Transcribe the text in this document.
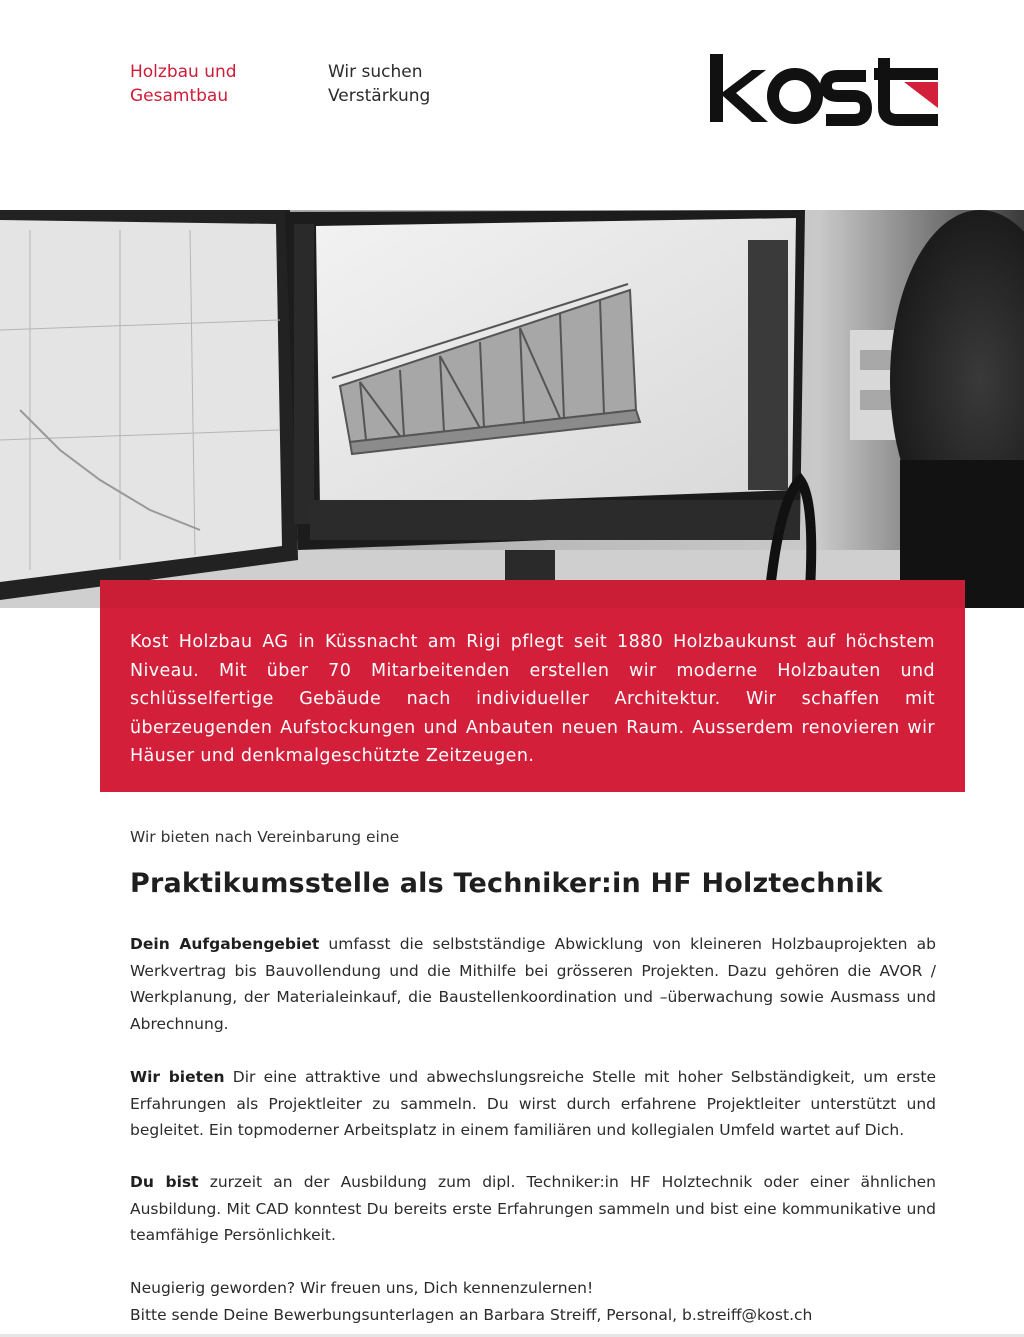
Holzbau und
Gesamtbau
Wir suchen
Verstärkung
Kost Holzbau AG in Küssnacht am Rigi pflegt seit 1880 Holzbaukunst auf höchstem Niveau. Mit über 70 Mitarbeitenden erstellen wir moderne Holzbauten und schlüsselfertige Gebäude nach individueller Architektur. Wir schaffen mit überzeugenden Aufstockungen und Anbauten neuen Raum. Ausserdem renovieren wir Häuser und denkmalgeschützte Zeitzeugen.
Wir bieten nach Vereinbarung eine
Praktikumsstelle als Techniker:in HF Holztechnik

Dein Aufgabengebiet umfasst die selbstständige Abwicklung von kleineren Holzbauprojekten ab Werkvertrag bis Bauvollendung und die Mithilfe bei grösseren Projekten. Dazu gehören die AVOR / Werkplanung, der Materialeinkauf, die Baustellenkoordination und –überwachung sowie Ausmass und Abrechnung.

Wir bieten Dir eine attraktive und abwechslungsreiche Stelle mit hoher Selbständigkeit, um erste Erfahrungen als Projektleiter zu sammeln. Du wirst durch erfahrene Projektleiter unterstützt und begleitet. Ein topmoderner Arbeitsplatz in einem familiären und kollegialen Umfeld wartet auf Dich.

Du bist zurzeit an der Ausbildung zum dipl. Techniker:in HF Holztechnik oder einer ähnlichen Ausbildung. Mit CAD konntest Du bereits erste Erfahrungen sammeln und bist eine kommunikative und teamfähige Persönlichkeit.

Neugierig geworden? Wir freuen uns, Dich kennenzulernen!
Bitte sende Deine Bewerbungsunterlagen an Barbara Streiff, Personal, b.streiff@kost.ch
